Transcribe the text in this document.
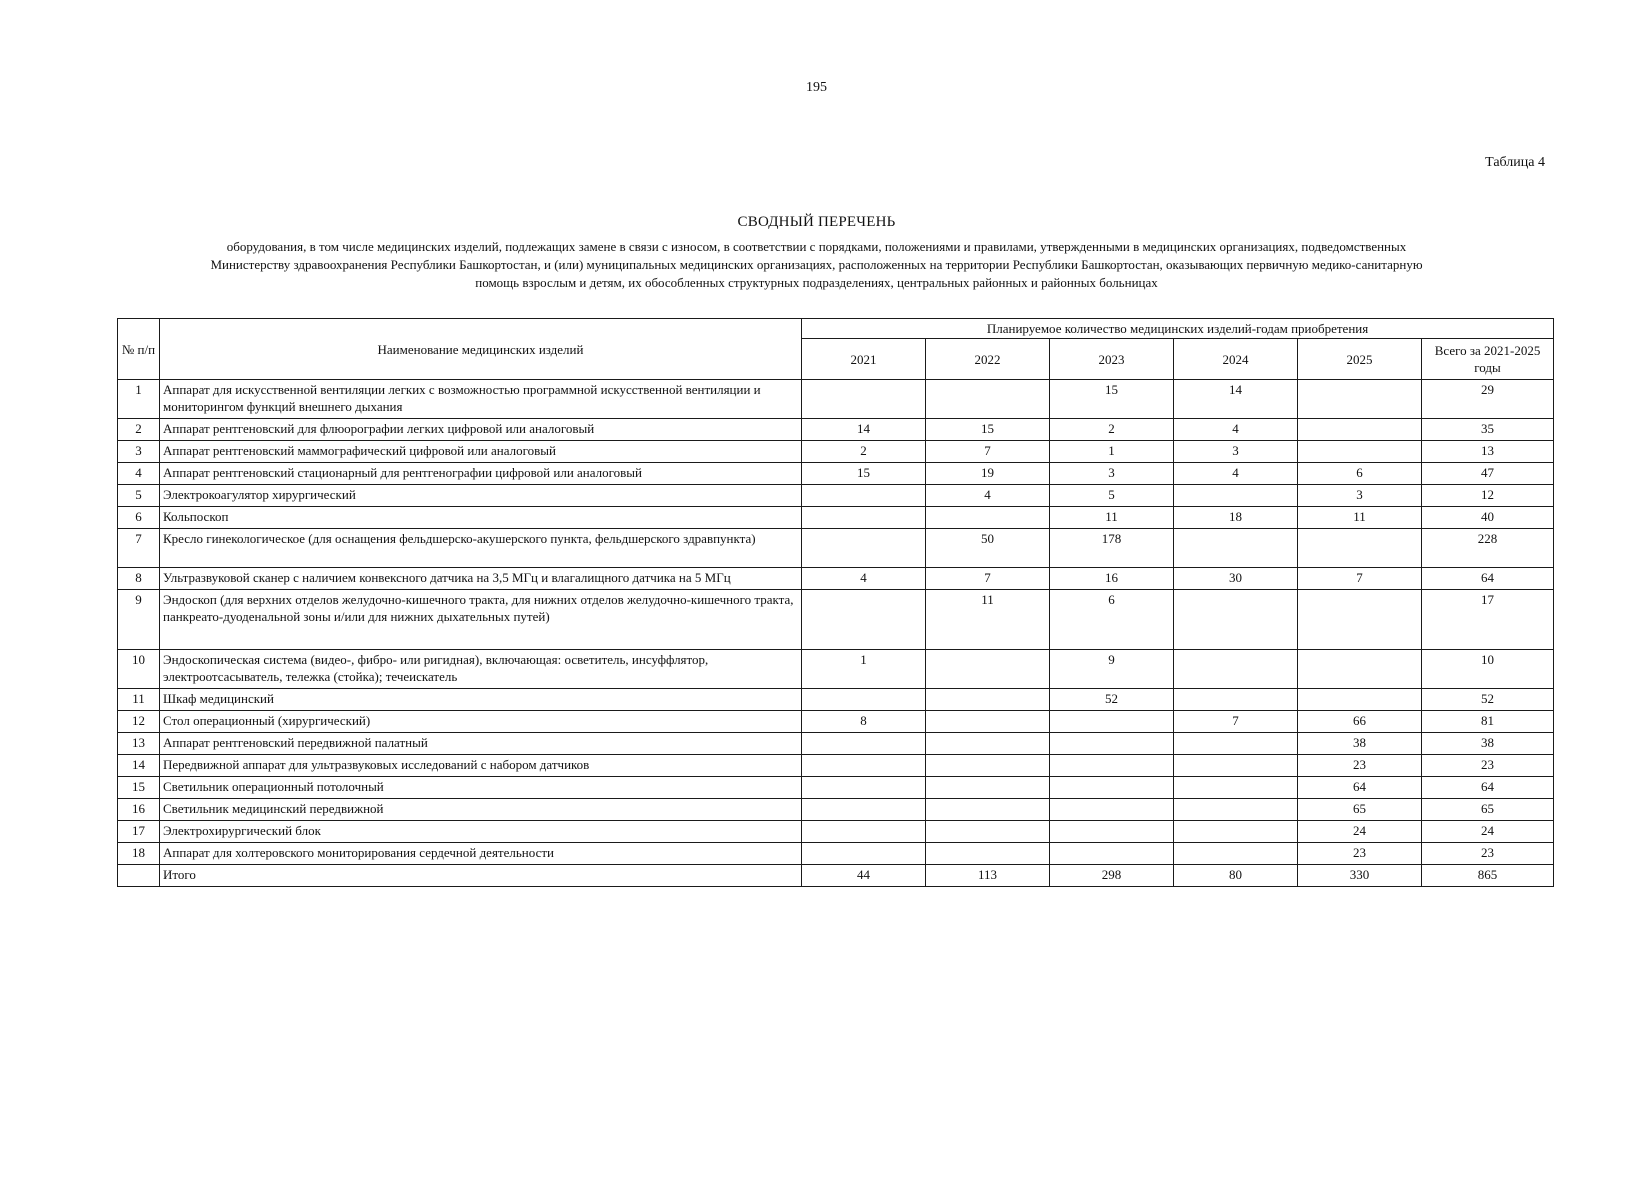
195
Таблица 4
СВОДНЫЙ ПЕРЕЧЕНЬ
оборудования, в том числе медицинских изделий, подлежащих замене в связи с износом, в соответствии с порядками, положениями и правилами, утвержденными в медицинских организациях, подведомственных
Министерству здравоохранения Республики Башкортостан, и (или) муниципальных медицинских организациях, расположенных на территории Республики Башкортостан, оказывающих первичную медико-санитарную
помощь взрослым и детям, их обособленных структурных подразделениях, центральных районных и районных больницах
№ п/п	Наименование медицинских изделий	Планируемое количество медицинских изделий-годам приобретения					
		2021	2022	2023	2024	2025	Всего за 2021-2025 годы
1	Аппарат для искусственной вентиляции легких с возможностью программной искусственной вентиляции и мониторингом функций внешнего дыхания			15	14		29
2	Аппарат рентгеновский для флюорографии легких цифровой или аналоговый	14	15	2	4		35
3	Аппарат рентгеновский маммографический цифровой или аналоговый	2	7	1	3		13
4	Аппарат рентгеновский стационарный для рентгенографии цифровой или аналоговый	15	19	3	4	6	47
5	Электрокоагулятор хирургический		4	5		3	12
6	Кольпоскоп			11	18	11	40
7	Кресло гинекологическое (для оснащения фельдшерско-акушерского пункта, фельдшерского здравпункта)		50	178			228
8	Ультразвуковой сканер с наличием конвексного датчика на 3,5 МГц и влагалищного датчика на 5 МГц	4	7	16	30	7	64
9	Эндоскоп (для верхних отделов желудочно-кишечного тракта, для нижних отделов желудочно-кишечного тракта, панкреато-дуоденальной зоны и/или для нижних дыхательных путей)		11	6			17
10	Эндоскопическая система (видео-, фибро- или ригидная), включающая: осветитель, инсуффлятор, электроотсасыватель, тележка (стойка); течеискатель	1		9			10
11	Шкаф медицинский			52			52
12	Стол операционный (хирургический)	8			7	66	81
13	Аппарат рентгеновский передвижной палатный					38	38
14	Передвижной аппарат для ультразвуковых исследований с набором датчиков					23	23
15	Светильник операционный потолочный					64	64
16	Светильник медицинский передвижной					65	65
17	Электрохирургический блок					24	24
18	Аппарат для холтеровского мониторирования сердечной деятельности					23	23
	Итого	44	113	298	80	330	865
